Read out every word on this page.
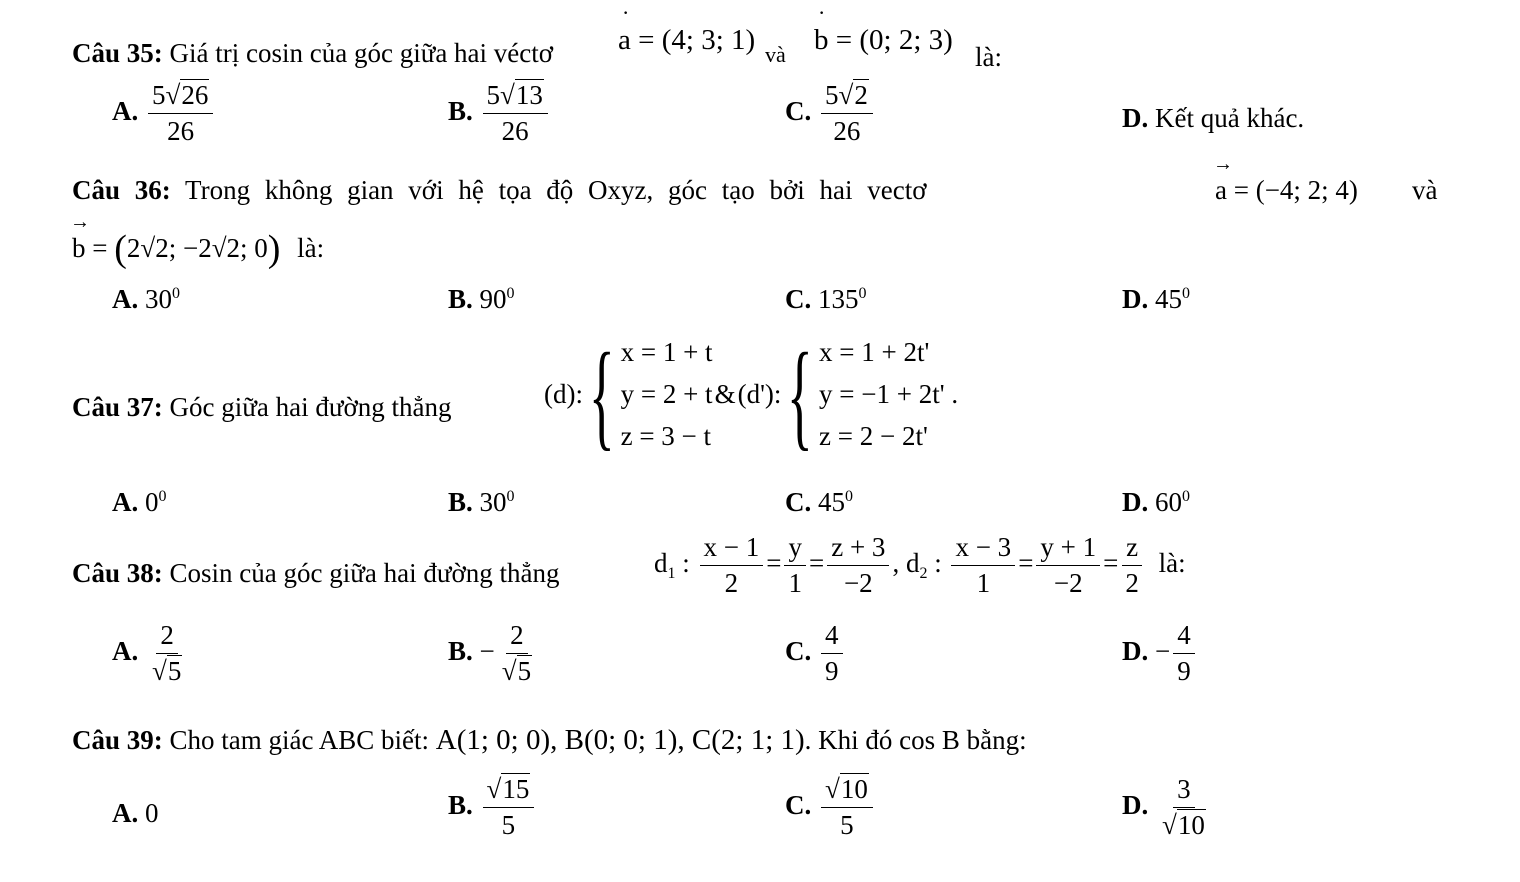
Câu 35: Giá trị cosin của góc giữa hai véctơ · a = (4; 3; 1) và · b = (0; 2; 3)
là:
A. $\frac{5√26}{26}$	B. $\frac{5√13}{26}$	C. $\frac{5√2}{26}$	D. Kết quả khác.
Câu 36: Trong không gian với hệ tọa độ Oxyz, góc tạo bởi hai vectơ	→ a = (−4; 2; 4) và
→ b = (2√2; −2√2; 0) là:
A. $30^0$	B. $90^0$	C. $135^0$	D. $45^0$
Câu 37: Góc giữa hai đường thẳng	(d): { x = 1 + t
y = 2 + t
z = 3 − t
& (d'): { x = 1 + 2t'
y = −1 + 2t' .
z = 2 − 2t'
A. $0^0$	B. $30^0$	C. $45^0$	D. $60^0$
Câu 38: Cosin của góc giữa hai đường thẳng	$d_1$ : $\frac{x - 1}{2} = \frac{y}{1} = \frac{z + 3}{-2}$ , $d_2$ : $\frac{x - 3}{1} = \frac{y + 1}{-2} = \frac{z}{2}$ là:
A. $\frac{2}{√5}$	B. − $\frac{2}{√5}$	C. $\frac{4}{9}$	D. − $\frac{4}{9}$
Câu 39: Cho tam giác ABC biết: A(1; 0; 0), B(0; 0; 1), C(2; 1; 1). Khi đó cos B bằng:
A. 0	B. $\frac{√15}{5}$	C. $\frac{√10}{5}$	D. $\frac{3}{√10}$
